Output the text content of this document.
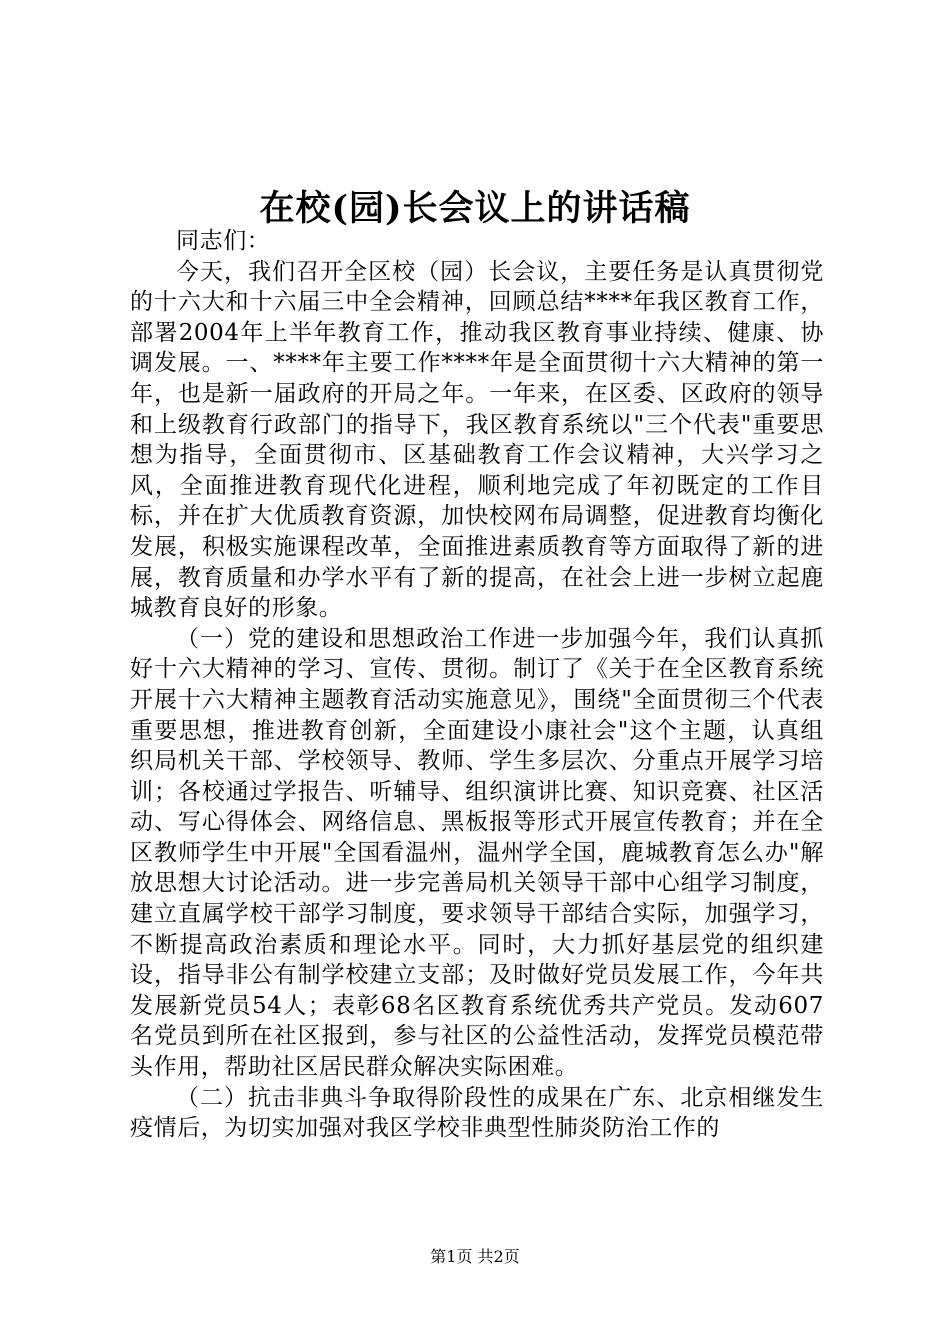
在校(园)长会议上的讲话稿

同志们：

今天，我们召开全区校（园）长会议，主要任务是认真贯彻党的十六大和十六届三中全会精神，回顾总结****年我区教育工作，部署2004年上半年教育工作，推动我区教育事业持续、健康、协调发展。一、****年主要工作****年是全面贯彻十六大精神的第一年，也是新一届政府的开局之年。一年来，在区委、区政府的领导和上级教育行政部门的指导下，我区教育系统以"三个代表"重要思想为指导，全面贯彻市、区基础教育工作会议精神，大兴学习之风，全面推进教育现代化进程，顺利地完成了年初既定的工作目标，并在扩大优质教育资源，加快校网布局调整，促进教育均衡化发展，积极实施课程改革，全面推进素质教育等方面取得了新的进展，教育质量和办学水平有了新的提高，在社会上进一步树立起鹿城教育良好的形象。

（一）党的建设和思想政治工作进一步加强今年，我们认真抓好十六大精神的学习、宣传、贯彻。制订了《关于在全区教育系统开展十六大精神主题教育活动实施意见》，围绕"全面贯彻三个代表重要思想，推进教育创新，全面建设小康社会"这个主题，认真组织局机关干部、学校领导、教师、学生多层次、分重点开展学习培训；各校通过学报告、听辅导、组织演讲比赛、知识竞赛、社区活动、写心得体会、网络信息、黑板报等形式开展宣传教育；并在全区教师学生中开展"全国看温州，温州学全国，鹿城教育怎么办"解放思想大讨论活动。进一步完善局机关领导干部中心组学习制度，建立直属学校干部学习制度，要求领导干部结合实际，加强学习，不断提高政治素质和理论水平。同时，大力抓好基层党的组织建设，指导非公有制学校建立支部；及时做好党员发展工作，今年共发展新党员54人；表彰68名区教育系统优秀共产党员。发动607名党员到所在社区报到，参与社区的公益性活动，发挥党员模范带头作用，帮助社区居民群众解决实际困难。

（二）抗击非典斗争取得阶段性的成果在广东、北京相继发生疫情后，为切实加强对我区学校非典型性肺炎防治工作的

第1页 共2页
